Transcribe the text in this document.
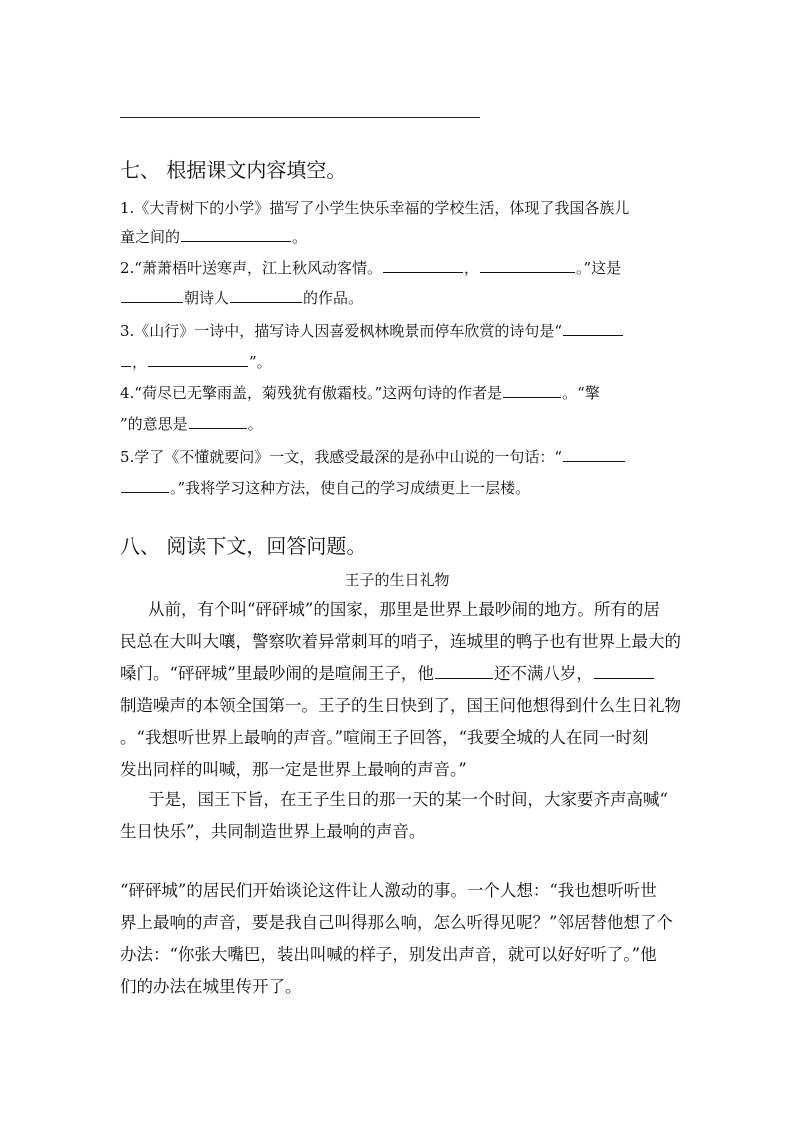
七、 根据课文内容填空。
1.《大青树下的小学》描写了小学生快乐幸福的学校生活，体现了我国各族儿
童之间的	。
2.“萧萧梧叶送寒声，江上秋风动客情。	，	。”这是
朝诗人	的作品。
3.《山行》一诗中，描写诗人因喜爱枫林晚景而停车欣赏的诗句是“
，	”。
4.“荷尽已无擎雨盖，菊残犹有傲霜枝。”这两句诗的作者是	。“擎
”的意思是	。
5.学了《不懂就要问》一文，我感受最深的是孙中山说的一句话：“
。”我将学习这种方法，使自己的学习成绩更上一层楼。
八、 阅读下文，回答问题。
王子的生日礼物
从前，有个叫“砰砰城”的国家，那里是世界上最吵闹的地方。所有的居
民总在大叫大嚷，警察吹着异常刺耳的哨子，连城里的鸭子也有世界上最大的
嗓门。“砰砰城”里最吵闹的是喧闹王子，他	还不满八岁，
制造噪声的本领全国第一。王子的生日快到了，国王问他想得到什么生日礼物
。“我想听世界上最响的声音。”喧闹王子回答，“我要全城的人在同一时刻
发出同样的叫喊，那一定是世界上最响的声音。”
于是，国王下旨，在王子生日的那一天的某一个时间，大家要齐声高喊“
生日快乐”，共同制造世界上最响的声音。
“砰砰城”的居民们开始谈论这件让人激动的事。一个人想：“我也想听听世
界上最响的声音，要是我自己叫得那么响，怎么听得见呢？”邻居替他想了个
办法：“你张大嘴巴，装出叫喊的样子，别发出声音，就可以好好听了。”他
们的办法在城里传开了。
